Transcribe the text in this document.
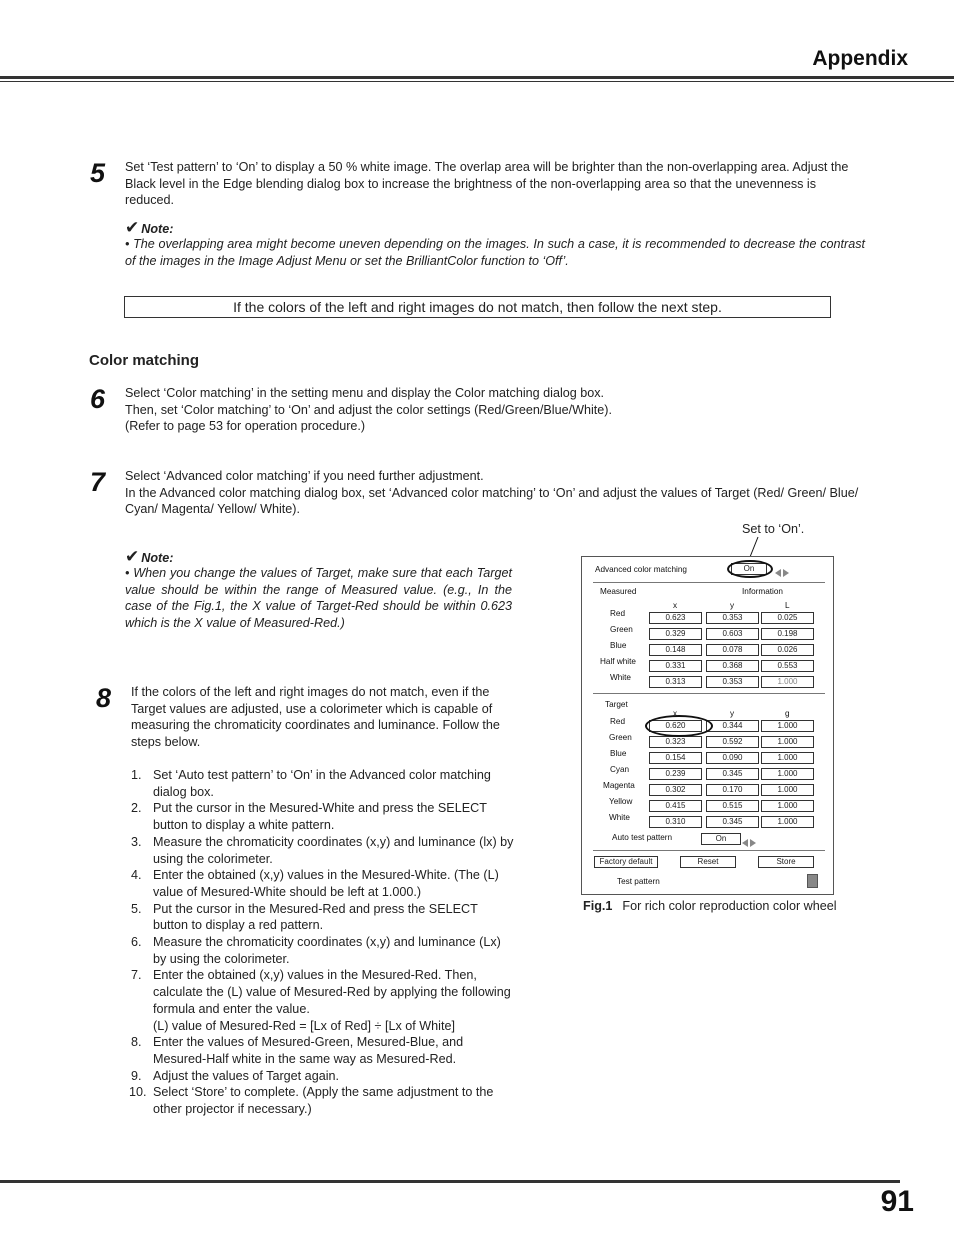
Appendix
5 Set ‘Test pattern’ to ‘On’ to display a 50 % white image. The overlap area will be brighter than the non-overlapping area. Adjust the Black level in the Edge blending dialog box to increase the brightness of the non-overlapping area so that the unevenness is reduced.
✔ Note:
• The overlapping area might become uneven depending on the images. In such a case, it is recommended to decrease the contrast of the images in the Image Adjust Menu or set the BrilliantColor function to ‘Off’.
If the colors of the left and right images do not match, then follow the next step.
Color matching
6 Select ‘Color matching’ in the setting menu and display the Color matching dialog box.
Then, set ‘Color matching’ to ‘On’ and adjust the color settings (Red/Green/Blue/White).
(Refer to page 53 for operation procedure.)
7 Select ‘Advanced color matching’ if you need further adjustment.
In the Advanced color matching dialog box, set ‘Advanced color matching’ to ‘On’ and adjust the values of Target (Red/ Green/ Blue/ Cyan/ Magenta/ Yellow/ White).
✔ Note:
• When you change the values of Target, make sure that each Target value should be within the range of Measured value. (e.g., In the case of the Fig.1, the X value of Target-Red should be within 0.623 which is the X value of Measured-Red.)
8 If the colors of the left and right images do not match, even if the Target values are adjusted, use a colorimeter which is capable of measuring the chromaticity coordinates and luminance. Follow the steps below.
1. Set ‘Auto test pattern’ to ‘On’ in the Advanced color matching dialog box.
2. Put the cursor in the Mesured-White and press the SELECT button to display a white pattern.
3. Measure the chromaticity coordinates (x,y) and luminance (lx) by using the colorimeter.
4. Enter the obtained (x,y) values in the Mesured-White. (The (L) value of Mesured-White should be left at 1.000.)
5. Put the cursor in the Mesured-Red and press the SELECT button to display a red pattern.
6. Measure the chromaticity coordinates (x,y) and luminance (Lx) by using the colorimeter.
7. Enter the obtained (x,y) values in the Mesured-Red. Then, calculate the (L) value of Mesured-Red by applying the following formula and enter the value.
(L) value of Mesured-Red = [Lx of Red] ÷ [Lx of White]
8. Enter the values of Mesured-Green, Mesured-Blue, and Mesured-Half white in the same way as Mesured-Red.
9. Adjust the values of Target again.
10. Select ‘Store’ to complete. (Apply the same adjustment to the other projector if necessary.)
Set to ‘On’.
Advanced color matching	On
Measured	Information
x	y	L
Red	0.623	0.353	0.025
Green	0.329	0.603	0.198
Blue	0.148	0.078	0.026
Half white	0.331	0.368	0.553
White	0.313	0.353	1.000
Target
x	y	g
Red	0.620	0.344	1.000
Green	0.323	0.592	1.000
Blue	0.154	0.090	1.000
Cyan	0.239	0.345	1.000
Magenta	0.302	0.170	1.000
Yellow	0.415	0.515	1.000
White	0.310	0.345	1.000
Auto test pattern	On
Factory default	Reset	Store
Test pattern
Fig.1 For rich color reproduction color wheel
91
